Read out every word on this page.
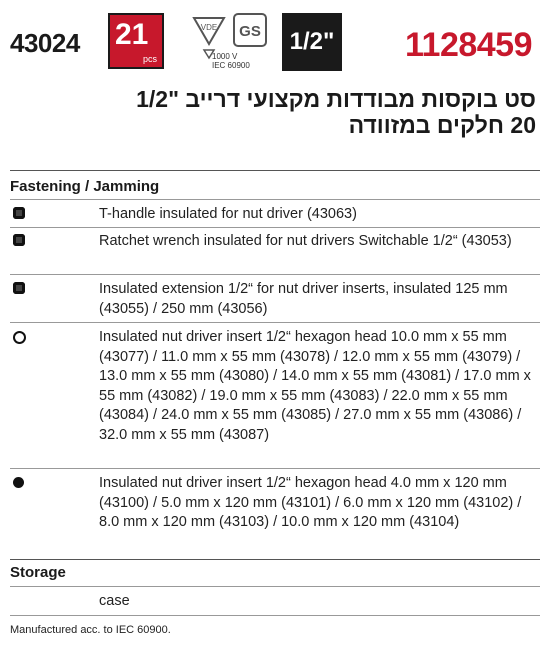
43024 21
pcs
VDE GS
1000 V
IEC 60900
1/2" 1128459
סט בוקסות מבודדות מקצועי דרייב "1/2
20 חלקים במזוודה
Fastening / Jamming
T-handle insulated for nut driver (43063)
Ratchet wrench insulated for nut drivers Switchable 1/2“ (43053)
Insulated extension 1/2“ for nut driver inserts, insulated 125 mm (43055) / 250 mm (43056)
Insulated nut driver insert 1/2“ hexagon head 10.0 mm x 55 mm (43077) / 11.0 mm x 55 mm (43078) / 12.0 mm x 55 mm (43079) / 13.0 mm x 55 mm (43080) / 14.0 mm x 55 mm (43081) / 17.0 mm x 55 mm (43082) / 19.0 mm x 55 mm (43083) / 22.0 mm x 55 mm (43084) / 24.0 mm x 55 mm (43085) / 27.0 mm x 55 mm (43086) / 32.0 mm x 55 mm (43087)
Insulated nut driver insert 1/2“ hexagon head 4.0 mm x 120 mm (43100) / 5.0 mm x 120 mm (43101) / 6.0 mm x 120 mm (43102) / 8.0 mm x 120 mm (43103) / 10.0 mm x 120 mm (43104)
Storage
case
Manufactured acc. to IEC 60900.
